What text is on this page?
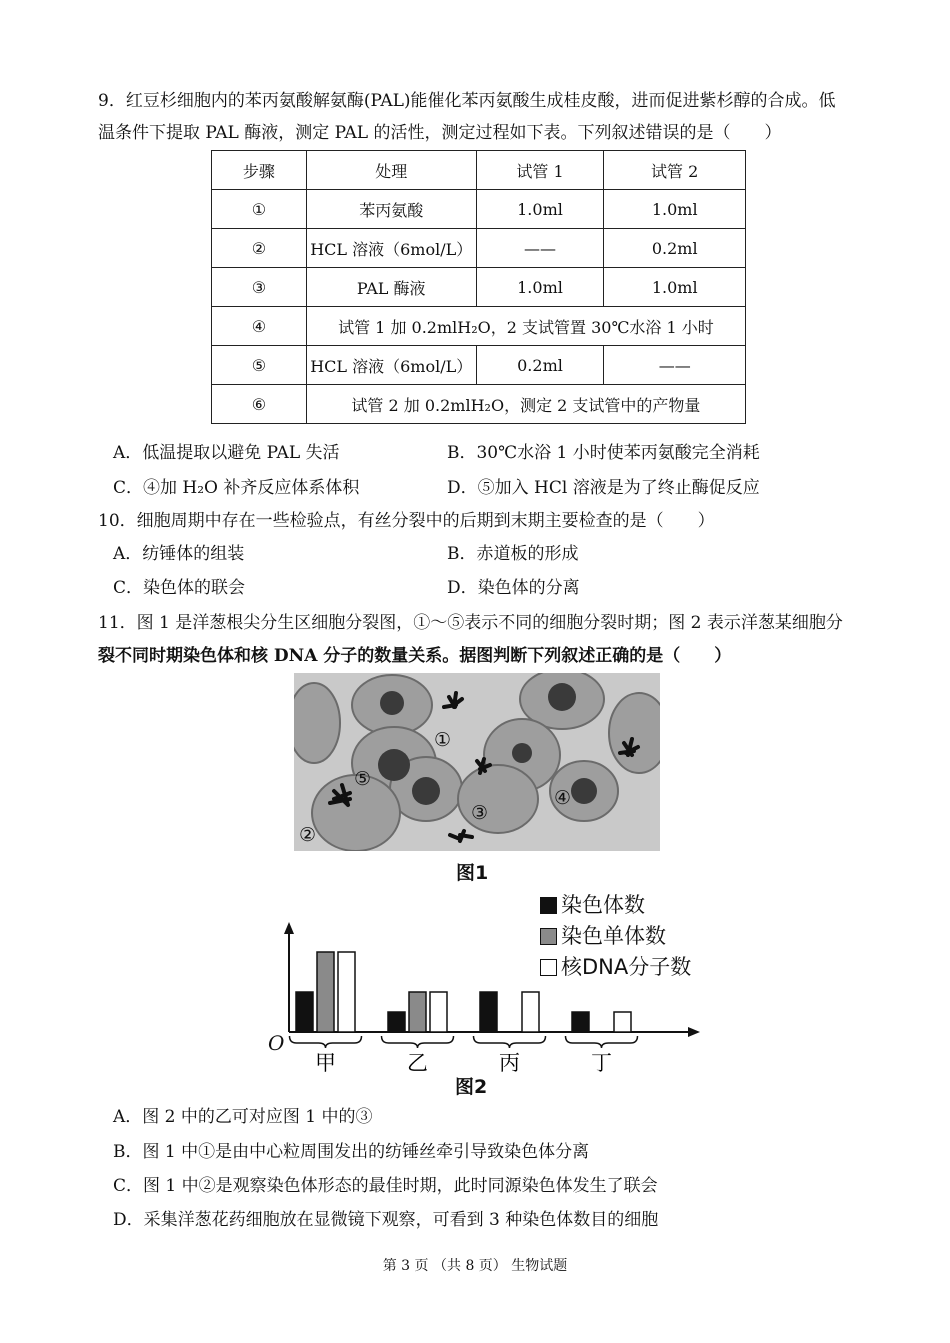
9．红豆杉细胞内的苯丙氨酸解氨酶(PAL)能催化苯丙氨酸生成桂皮酸，进而促进紫杉醇的合成。低
温条件下提取 PAL 酶液，测定 PAL 的活性，测定过程如下表。下列叙述错误的是（　　）
步骤	处理	试管 1	试管 2
①	苯丙氨酸	1.0ml	1.0ml
②	HCL 溶液（6mol/L）	——	0.2ml
③	PAL 酶液	1.0ml	1.0ml
④	试管 1 加 0.2mlH₂O，2 支试管置 30℃水浴 1 小时		
⑤	HCL 溶液（6mol/L）	0.2ml	——
⑥	试管 2 加 0.2mlH₂O，测定 2 支试管中的产物量		
A．低温提取以避免 PAL 失活	B．30℃水浴 1 小时使苯丙氨酸完全消耗
C．④加 H₂O 补齐反应体系体积	D．⑤加入 HCl 溶液是为了终止酶促反应
10．细胞周期中存在一些检验点，有丝分裂中的后期到末期主要检查的是（　　）
A．纺锤体的组装	B．赤道板的形成
C．染色体的联会	D．染色体的分离
11．图 1 是洋葱根尖分生区细胞分裂图，①～⑤表示不同的细胞分裂时期；图 2 表示洋葱某细胞分
裂不同时期染色体和核 DNA 分子的数量关系。据图判断下列叙述正确的是（　　）
①
②
③
④
⑤
图1
染色体数
染色单体数
核DNA分子数
O
甲	乙	丙	丁
图2
A．图 2 中的乙可对应图 1 中的③
B．图 1 中①是由中心粒周围发出的纺锤丝牵引导致染色体分离
C．图 1 中②是观察染色体形态的最佳时期，此时同源染色体发生了联会
D．采集洋葱花药细胞放在显微镜下观察，可看到 3 种染色体数目的细胞
第 3 页 （共 8 页） 生物试题
